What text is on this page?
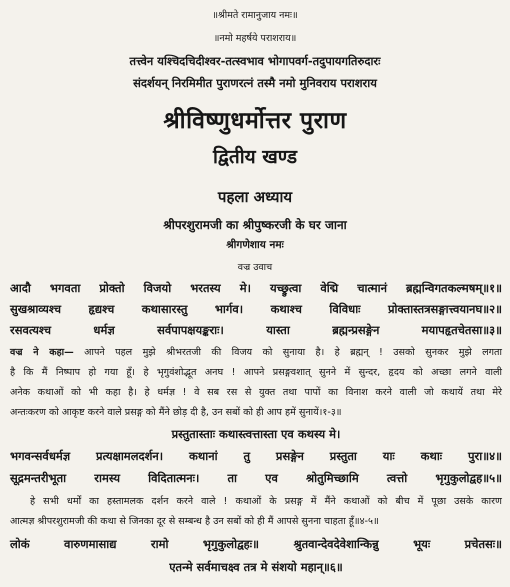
॥श्रीमते रामानुजाय नमः॥
॥नमो महर्षये पराशराय॥
तत्त्वेन यश्चिदचिदीश्वर-तत्स्वभाव भोगापवर्ग-तदुपायगतिरुदारः
संदर्शयन् निरमिमीत पुराणरत्नं तस्मै नमो मुनिवराय पराशराय
श्रीविष्णुधर्मोत्तर पुराण
द्वितीय खण्ड
पहला अध्याय
श्रीपरशुरामजी का श्रीपुष्करजी के घर जाना
श्रीगणेशाय नमः
वज्र उवाच
आदौ भगवता प्रोक्तो विजयो भरतस्य मे। यच्छ्रुत्वा वेद्मि चात्मानं ब्रह्मन्विगतकल्मषम्॥१॥
सुखश्राव्यश्च हृद्यश्च कथासारस्तु भार्गव। कथाश्च विविधाः प्रोक्तास्तत्रसङ्गात्त्वयानघ॥२॥
रसवत्यश्च धर्मज्ञ सर्वपापक्षयङ्कराः। यास्ता ब्रह्मन्प्रसङ्गेन मयापहृतचेतसा॥३॥
वज्र ने कहा— आपने पहल मुझे श्रीभरतजी की विजय को सुनाया है। हे ब्रह्मन् ! उसको सुनकर मुझे लगता
है कि मैं निष्पाप हो गया हूँ। हे भृगुवंशोद्भूत अनघ ! आपने प्रसङ्गवशात् सुनने में सुन्दर, हृदय को अच्छा लगने वाली
अनेक कथाओं को भी कहा है। हे धर्मज्ञ ! वे सब रस से युक्त तथा पापों का विनाश करने वाली जो कथायें तथा मेरे
अन्तःकरण को आकृष्ट करने वाले प्रसङ्ग को मैंने छोड़ दी है, उन सबों को ही आप हमें सुनायें।१-३॥
प्रस्तुतास्ताः कथास्त्वत्तास्ता एव कथस्य मे।
भगवन्सर्वधर्मज्ञ प्रत्यक्षामलदर्शन। कथानां तु प्रसङ्गेन प्रस्तुता याः कथाः पुरा॥४॥
सूद्रमन्तरीभूता रामस्य विदितात्मनः। ता एव श्रोतुमिच्छामि त्वत्तो भृगुकुलोद्वह॥५॥
हे सभी धर्मों का हस्तामलक दर्शन करने वाले ! कथाओं के प्रसङ्ग में मैंने कथाओं को बीच में पूछा उसके कारण
आत्मज्ञ श्रीपरशुरामजी की कथा से जिनका दूर से सम्बन्ध है उन सबों को ही मैं आपसे सुनना चाहता हूँ॥४-५॥
लोकं वारुणमासाद्य रामो भृगुकुलोद्वहः॥ श्रुतवान्देवदेवेशान्किन्नु भूयः प्रचेतसः॥
एतन्मे सर्वमाचक्ष्व तत्र मे संशयो महान्॥६॥
